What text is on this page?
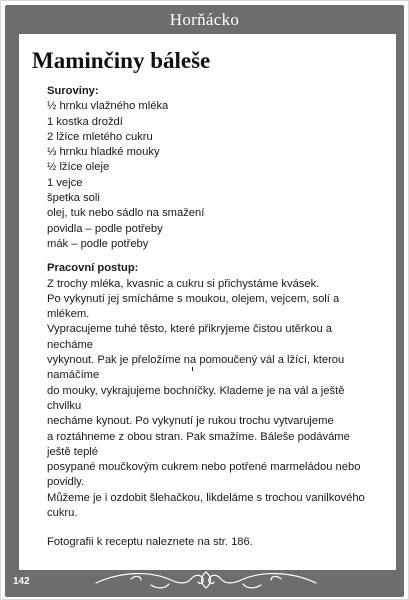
Horňácko
Maminčiny báleše

Suroviny:

½ hrnku vlažného mléka

1 kostka droždí

2 lžíce mletého cukru

⅓ hrnku hladké mouky

½ lžíce oleje

1 vejce

špetka soli

olej, tuk nebo sádlo na smažení

povidla – podle potřeby

mák – podle potřeby

Pracovní postup:

Z trochy mléka, kvasnic a cukru si přichystáme kvásek.

Po vykynutí jej smícháme s moukou, olejem, vejcem, solí a mlékem.

Vypracujeme tuhé těsto, které přikryjeme čistou utěrkou a necháme

vykynout. Pak je přeložíme na pomoučený vál a lžící, kterou namáčíme

do mouky, vykrajujeme bochníčky. Klademe je na vál a ještě chvilku

necháme kynout. Po vykynutí je rukou trochu vytvarujeme

a roztáhneme z obou stran. Pak smažíme. Báleše podáváme ještě teplé

posypané moučkovým cukrem nebo potřené marmeládou nebo povidly.

Můžeme je i ozdobit šlehačkou, likdeláme s trochou vanilkového

cukru.

Fotografii k receptu naleznete na str. 186.

142
